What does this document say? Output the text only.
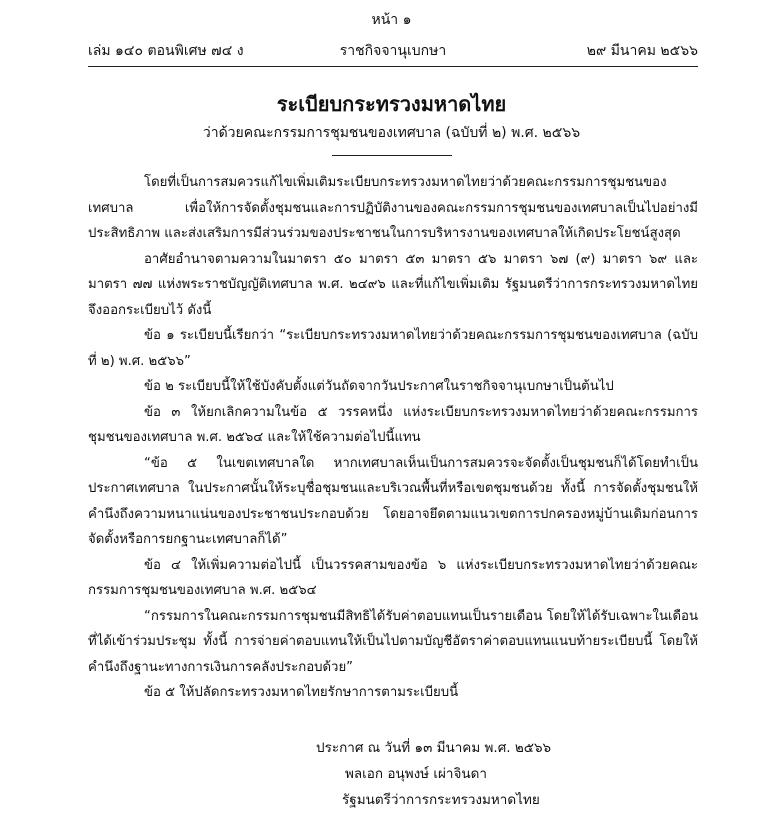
หน้า ๑
เล่ม ๑๔๐ ตอนพิเศษ ๗๔ ง	ราชกิจจานุเบกษา	๒๙ มีนาคม ๒๕๖๖
ระเบียบกระทรวงมหาดไทย
ว่าด้วยคณะกรรมการชุมชนของเทศบาล (ฉบับที่ ๒) พ.ศ. ๒๕๖๖

โดยที่เป็นการสมควรแก้ไขเพิ่มเติมระเบียบกระทรวงมหาดไทยว่าด้วยคณะกรรมการชุมชนของเทศบาล เพื่อให้การจัดตั้งชุมชนและการปฏิบัติงานของคณะกรรมการชุมชนของเทศบาลเป็นไปอย่างมีประสิทธิภาพ และส่งเสริมการมีส่วนร่วมของประชาชนในการบริหารงานของเทศบาลให้เกิดประโยชน์สูงสุด

อาศัยอำนาจตามความในมาตรา ๕๐ มาตรา ๕๓ มาตรา ๕๖ มาตรา ๖๗ (๙) มาตรา ๖๙ และมาตรา ๗๗ แห่งพระราชบัญญัติเทศบาล พ.ศ. ๒๔๙๖ และที่แก้ไขเพิ่มเติม รัฐมนตรีว่าการกระทรวงมหาดไทย จึงออกระเบียบไว้ ดังนี้

ข้อ ๑ ระเบียบนี้เรียกว่า “ระเบียบกระทรวงมหาดไทยว่าด้วยคณะกรรมการชุมชนของเทศบาล (ฉบับที่ ๒) พ.ศ. ๒๕๖๖”

ข้อ ๒ ระเบียบนี้ให้ใช้บังคับตั้งแต่วันถัดจากวันประกาศในราชกิจจานุเบกษาเป็นต้นไป

ข้อ ๓ ให้ยกเลิกความในข้อ ๕ วรรคหนึ่ง แห่งระเบียบกระทรวงมหาดไทยว่าด้วยคณะกรรมการชุมชนของเทศบาล พ.ศ. ๒๕๖๔ และให้ใช้ความต่อไปนี้แทน

“ข้อ ๕ ในเขตเทศบาลใด หากเทศบาลเห็นเป็นการสมควรจะจัดตั้งเป็นชุมชนก็ได้โดยทำเป็นประกาศเทศบาล ในประกาศนั้นให้ระบุชื่อชุมชนและบริเวณพื้นที่หรือเขตชุมชนด้วย ทั้งนี้ การจัดตั้งชุมชนให้คำนึงถึงความหนาแน่นของประชาชนประกอบด้วย โดยอาจยึดตามแนวเขตการปกครองหมู่บ้านเดิมก่อนการจัดตั้งหรือการยกฐานะเทศบาลก็ได้”

ข้อ ๔ ให้เพิ่มความต่อไปนี้ เป็นวรรคสามของข้อ ๖ แห่งระเบียบกระทรวงมหาดไทยว่าด้วยคณะกรรมการชุมชนของเทศบาล พ.ศ. ๒๕๖๔

“กรรมการในคณะกรรมการชุมชนมีสิทธิได้รับค่าตอบแทนเป็นรายเดือน โดยให้ได้รับเฉพาะในเดือนที่ได้เข้าร่วมประชุม ทั้งนี้ การจ่ายค่าตอบแทนให้เป็นไปตามบัญชีอัตราค่าตอบแทนแนบท้ายระเบียบนี้ โดยให้คำนึงถึงฐานะทางการเงินการคลังประกอบด้วย”

ข้อ ๕ ให้ปลัดกระทรวงมหาดไทยรักษาการตามระเบียบนี้

ประกาศ ณ วันที่ ๑๓ มีนาคม พ.ศ. ๒๕๖๖
พลเอก อนุพงษ์ เผ่าจินดา
รัฐมนตรีว่าการกระทรวงมหาดไทย
